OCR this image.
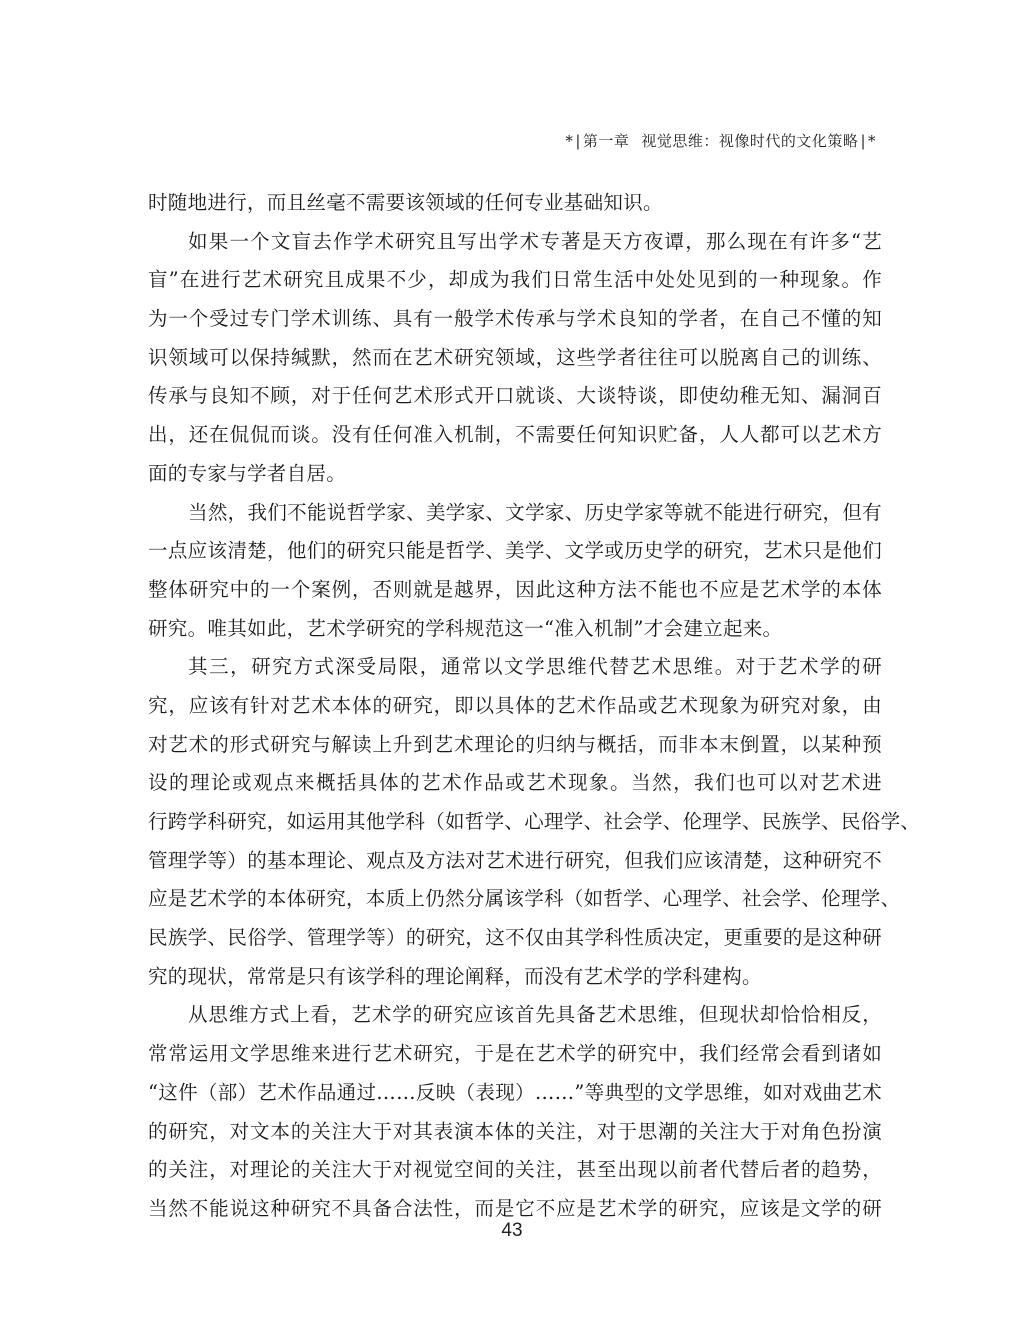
* | 第一章 视觉思维：视像时代的文化策略 | *
时随地进行，而且丝毫不需要该领域的任何专业基础知识。
如果一个文盲去作学术研究且写出学术专著是天方夜谭，那么现在有许多“艺
盲”在进行艺术研究且成果不少，却成为我们日常生活中处处见到的一种现象。作
为一个受过专门学术训练、具有一般学术传承与学术良知的学者，在自己不懂的知
识领域可以保持缄默，然而在艺术研究领域，这些学者往往可以脱离自己的训练、
传承与良知不顾，对于任何艺术形式开口就谈、大谈特谈，即使幼稚无知、漏洞百
出，还在侃侃而谈。没有任何准入机制，不需要任何知识贮备，人人都可以艺术方
面的专家与学者自居。
当然，我们不能说哲学家、美学家、文学家、历史学家等就不能进行研究，但有
一点应该清楚，他们的研究只能是哲学、美学、文学或历史学的研究，艺术只是他们
整体研究中的一个案例，否则就是越界，因此这种方法不能也不应是艺术学的本体
研究。唯其如此，艺术学研究的学科规范这一“准入机制”才会建立起来。
其三，研究方式深受局限，通常以文学思维代替艺术思维。对于艺术学的研
究，应该有针对艺术本体的研究，即以具体的艺术作品或艺术现象为研究对象，由
对艺术的形式研究与解读上升到艺术理论的归纳与概括，而非本末倒置，以某种预
设的理论或观点来概括具体的艺术作品或艺术现象。当然，我们也可以对艺术进
行跨学科研究，如运用其他学科（如哲学、心理学、社会学、伦理学、民族学、民俗学、
管理学等）的基本理论、观点及方法对艺术进行研究，但我们应该清楚，这种研究不
应是艺术学的本体研究，本质上仍然分属该学科（如哲学、心理学、社会学、伦理学、
民族学、民俗学、管理学等）的研究，这不仅由其学科性质决定，更重要的是这种研
究的现状，常常是只有该学科的理论阐释，而没有艺术学的学科建构。
从思维方式上看，艺术学的研究应该首先具备艺术思维，但现状却恰恰相反，
常常运用文学思维来进行艺术研究，于是在艺术学的研究中，我们经常会看到诸如
“这件（部）艺术作品通过……反映（表现）……”等典型的文学思维，如对戏曲艺术
的研究，对文本的关注大于对其表演本体的关注，对于思潮的关注大于对角色扮演
的关注，对理论的关注大于对视觉空间的关注，甚至出现以前者代替后者的趋势，
当然不能说这种研究不具备合法性，而是它不应是艺术学的研究，应该是文学的研
43
